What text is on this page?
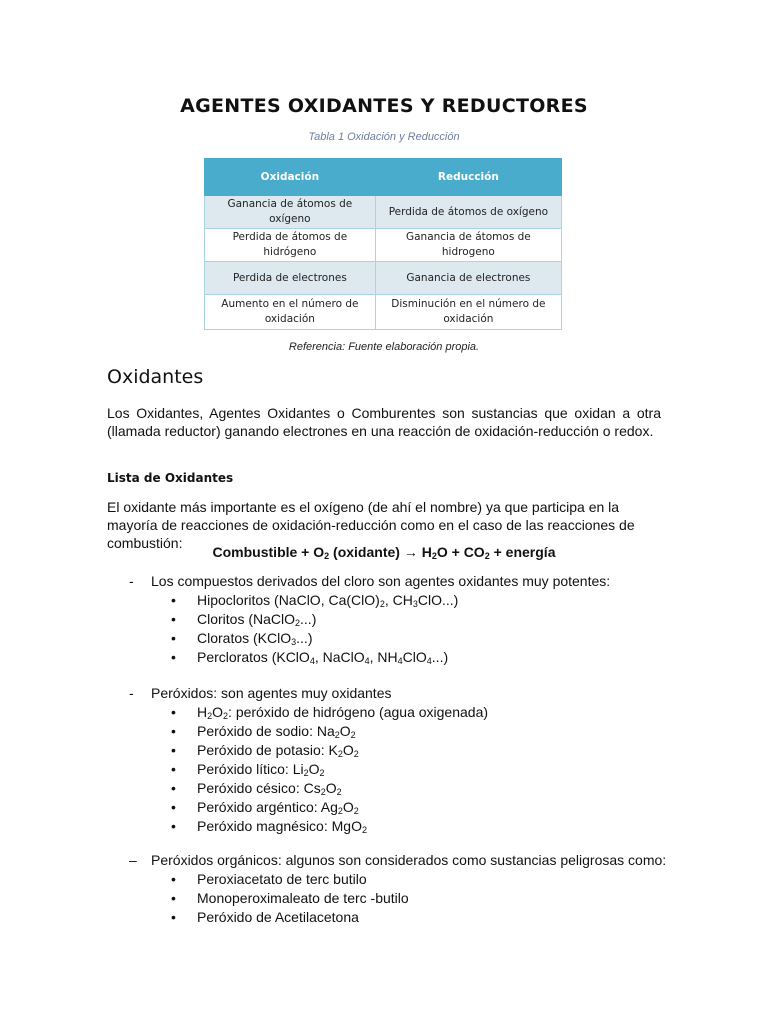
AGENTES OXIDANTES Y REDUCTORES
Tabla 1 Oxidación y Reducción
Oxidación	Reducción
Ganancia de átomos de oxígeno	Perdida de átomos de oxígeno
Perdida de átomos de hidrógeno	Ganancia de átomos de hidrogeno
Perdida de electrones	Ganancia de electrones
Aumento en el número de oxidación	Disminución en el número de oxidación
Referencia: Fuente elaboración propia.
Oxidantes
Los Oxidantes, Agentes Oxidantes o Comburentes son sustancias que oxidan a otra (llamada reductor) ganando electrones en una reacción de oxidación-reducción o redox.
Lista de Oxidantes
El oxidante más importante es el oxígeno (de ahí el nombre) ya que participa en la mayoría de reacciones de oxidación-reducción como en el caso de las reacciones de combustión:
Combustible + $O_2$ (oxidante) → $H_2O + CO_2$ + energía
-	Los compuestos derivados del cloro son agentes oxidantes muy potentes:
• Hipocloritos (NaClO, $Ca(ClO)_2$, $CH_3ClO$...)
• Cloritos (NaClO$_2$...)
• Cloratos (KClO$_3$...)
• Percloratos (KClO$_4$, NaClO$_4$, $NH_4ClO_4$...)
-	Peróxidos: son agentes muy oxidantes
• $H_2O_2$: peróxido de hidrógeno (agua oxigenada)
• Peróxido de sodio: $Na_2O_2$
• Peróxido de potasio: $K_2O_2$
• Peróxido lítico: $Li_2O_2$
• Peróxido césico: $Cs_2O_2$
• Peróxido argéntico: $Ag_2O_2$
• Peróxido magnésico: MgO$_2$
–	Peróxidos orgánicos: algunos son considerados como sustancias peligrosas como:
• Peroxiacetato de terc butilo
• Monoperoximaleato de terc -butilo
• Peróxido de Acetilacetona
